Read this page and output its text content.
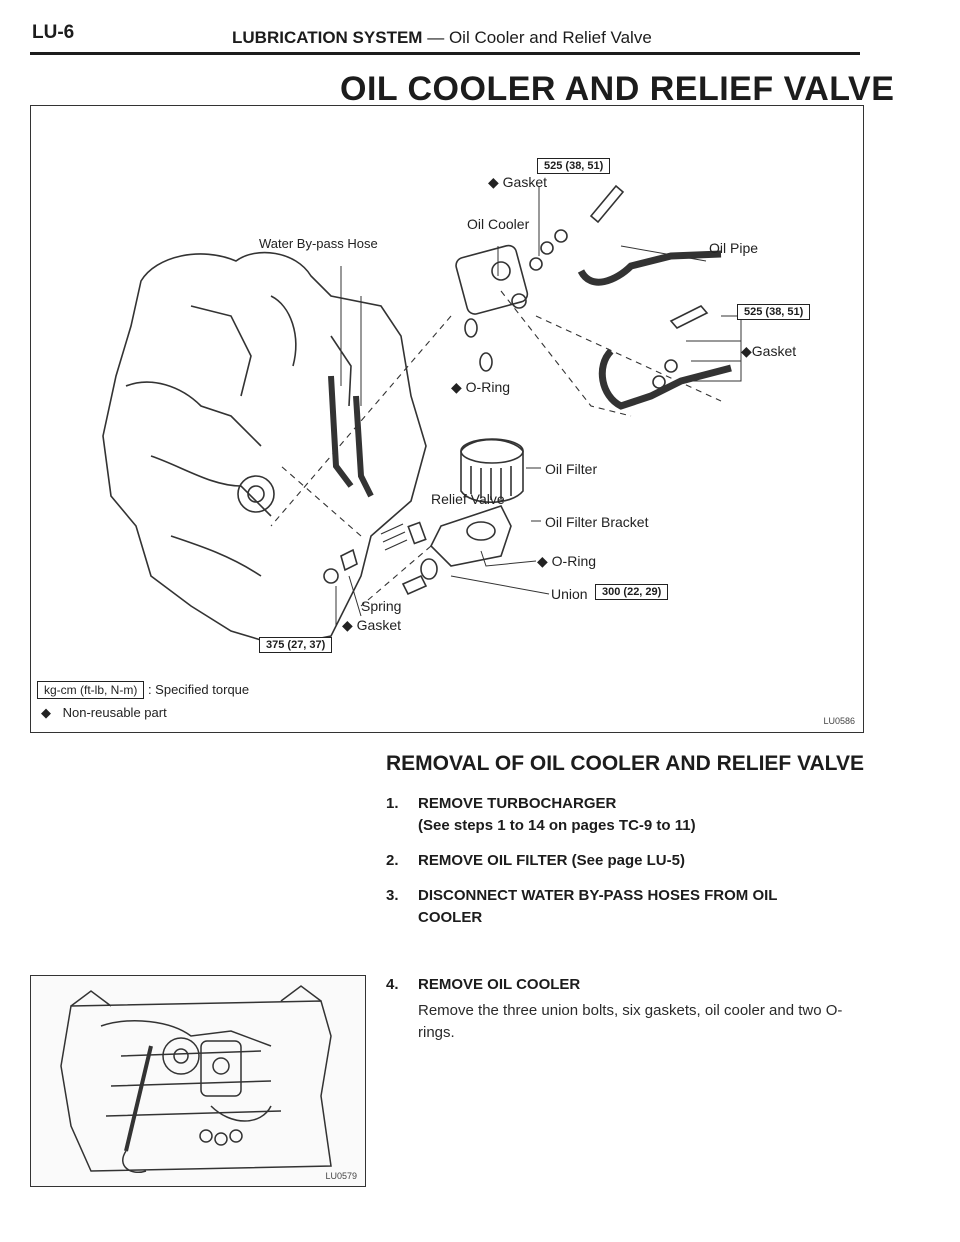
LU-6	LUBRICATION SYSTEM — Oil Cooler and Relief Valve
OIL COOLER AND RELIEF VALVE
◆ Gasket
525 (38, 51)
Oil Cooler
Water By-pass Hose	Oil Pipe
525 (38, 51)
◆Gasket
◆ O-Ring
Oil Filter
Relief Valve
Oil Filter Bracket
◆ O-Ring
Union	300 (22, 29)
Spring
◆ Gasket
375 (27, 37)
kg-cm (ft-lb, N-m) : Specified torque
◆ Non-reusable part
LU0586
REMOVAL OF OIL COOLER AND RELIEF VALVE
1. REMOVE TURBOCHARGER
(See steps 1 to 14 on pages TC-9 to 11)
2. REMOVE OIL FILTER (See page LU-5)
3. DISCONNECT WATER BY-PASS HOSES FROM OIL
COOLER
4. REMOVE OIL COOLER
Remove the three union bolts, six gaskets, oil cooler and two O-rings.
LU0579
